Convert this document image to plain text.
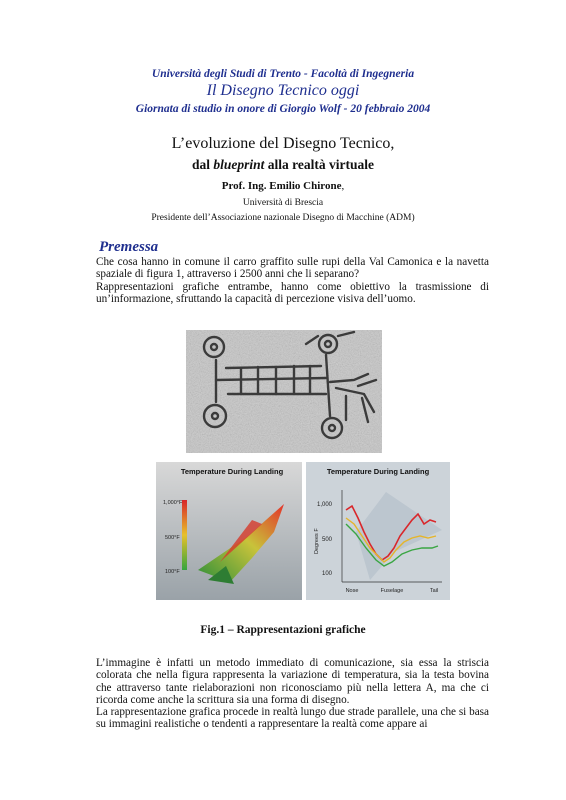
Università degli Studi di Trento - Facoltà di Ingegneria
Il Disegno Tecnico oggi
Giornata di studio in onore di Giorgio Wolf - 20 febbraio 2004
L’evoluzione del Disegno Tecnico,
dal blueprint alla realtà virtuale
Prof. Ing. Emilio Chirone,
Università di Brescia
Presidente dell’Associazione nazionale Disegno di Macchine (ADM)
Premessa

Che cosa hanno in comune il carro graffito sulle rupi della Val Camonica e la navetta spaziale di figura 1, attraverso i 2500 anni che li separano?

Rappresentazioni grafiche entrambe, hanno come obiettivo la trasmissione di un’informazione, sfruttando la capacità di percezione visiva dell’uomo.

Temperature During Landing
1,000°F
500°F
100°F
Temperature During Landing
1,000
500
100
Degrees F
Nose	Fuselage	Tail
Fig.1 – Rappresentazioni grafiche

L’immagine è infatti un metodo immediato di comunicazione, sia essa la striscia colorata che nella figura rappresenta la variazione di temperatura, sia la testa bovina che attraverso tante rielaborazioni non riconosciamo più nella lettera A, ma che ci ricorda come anche la scrittura sia una forma di disegno.

La rappresentazione grafica procede in realtà lungo due strade parallele, una che si basa su immagini realistiche o tendenti a rappresentare la realtà come appare ai
